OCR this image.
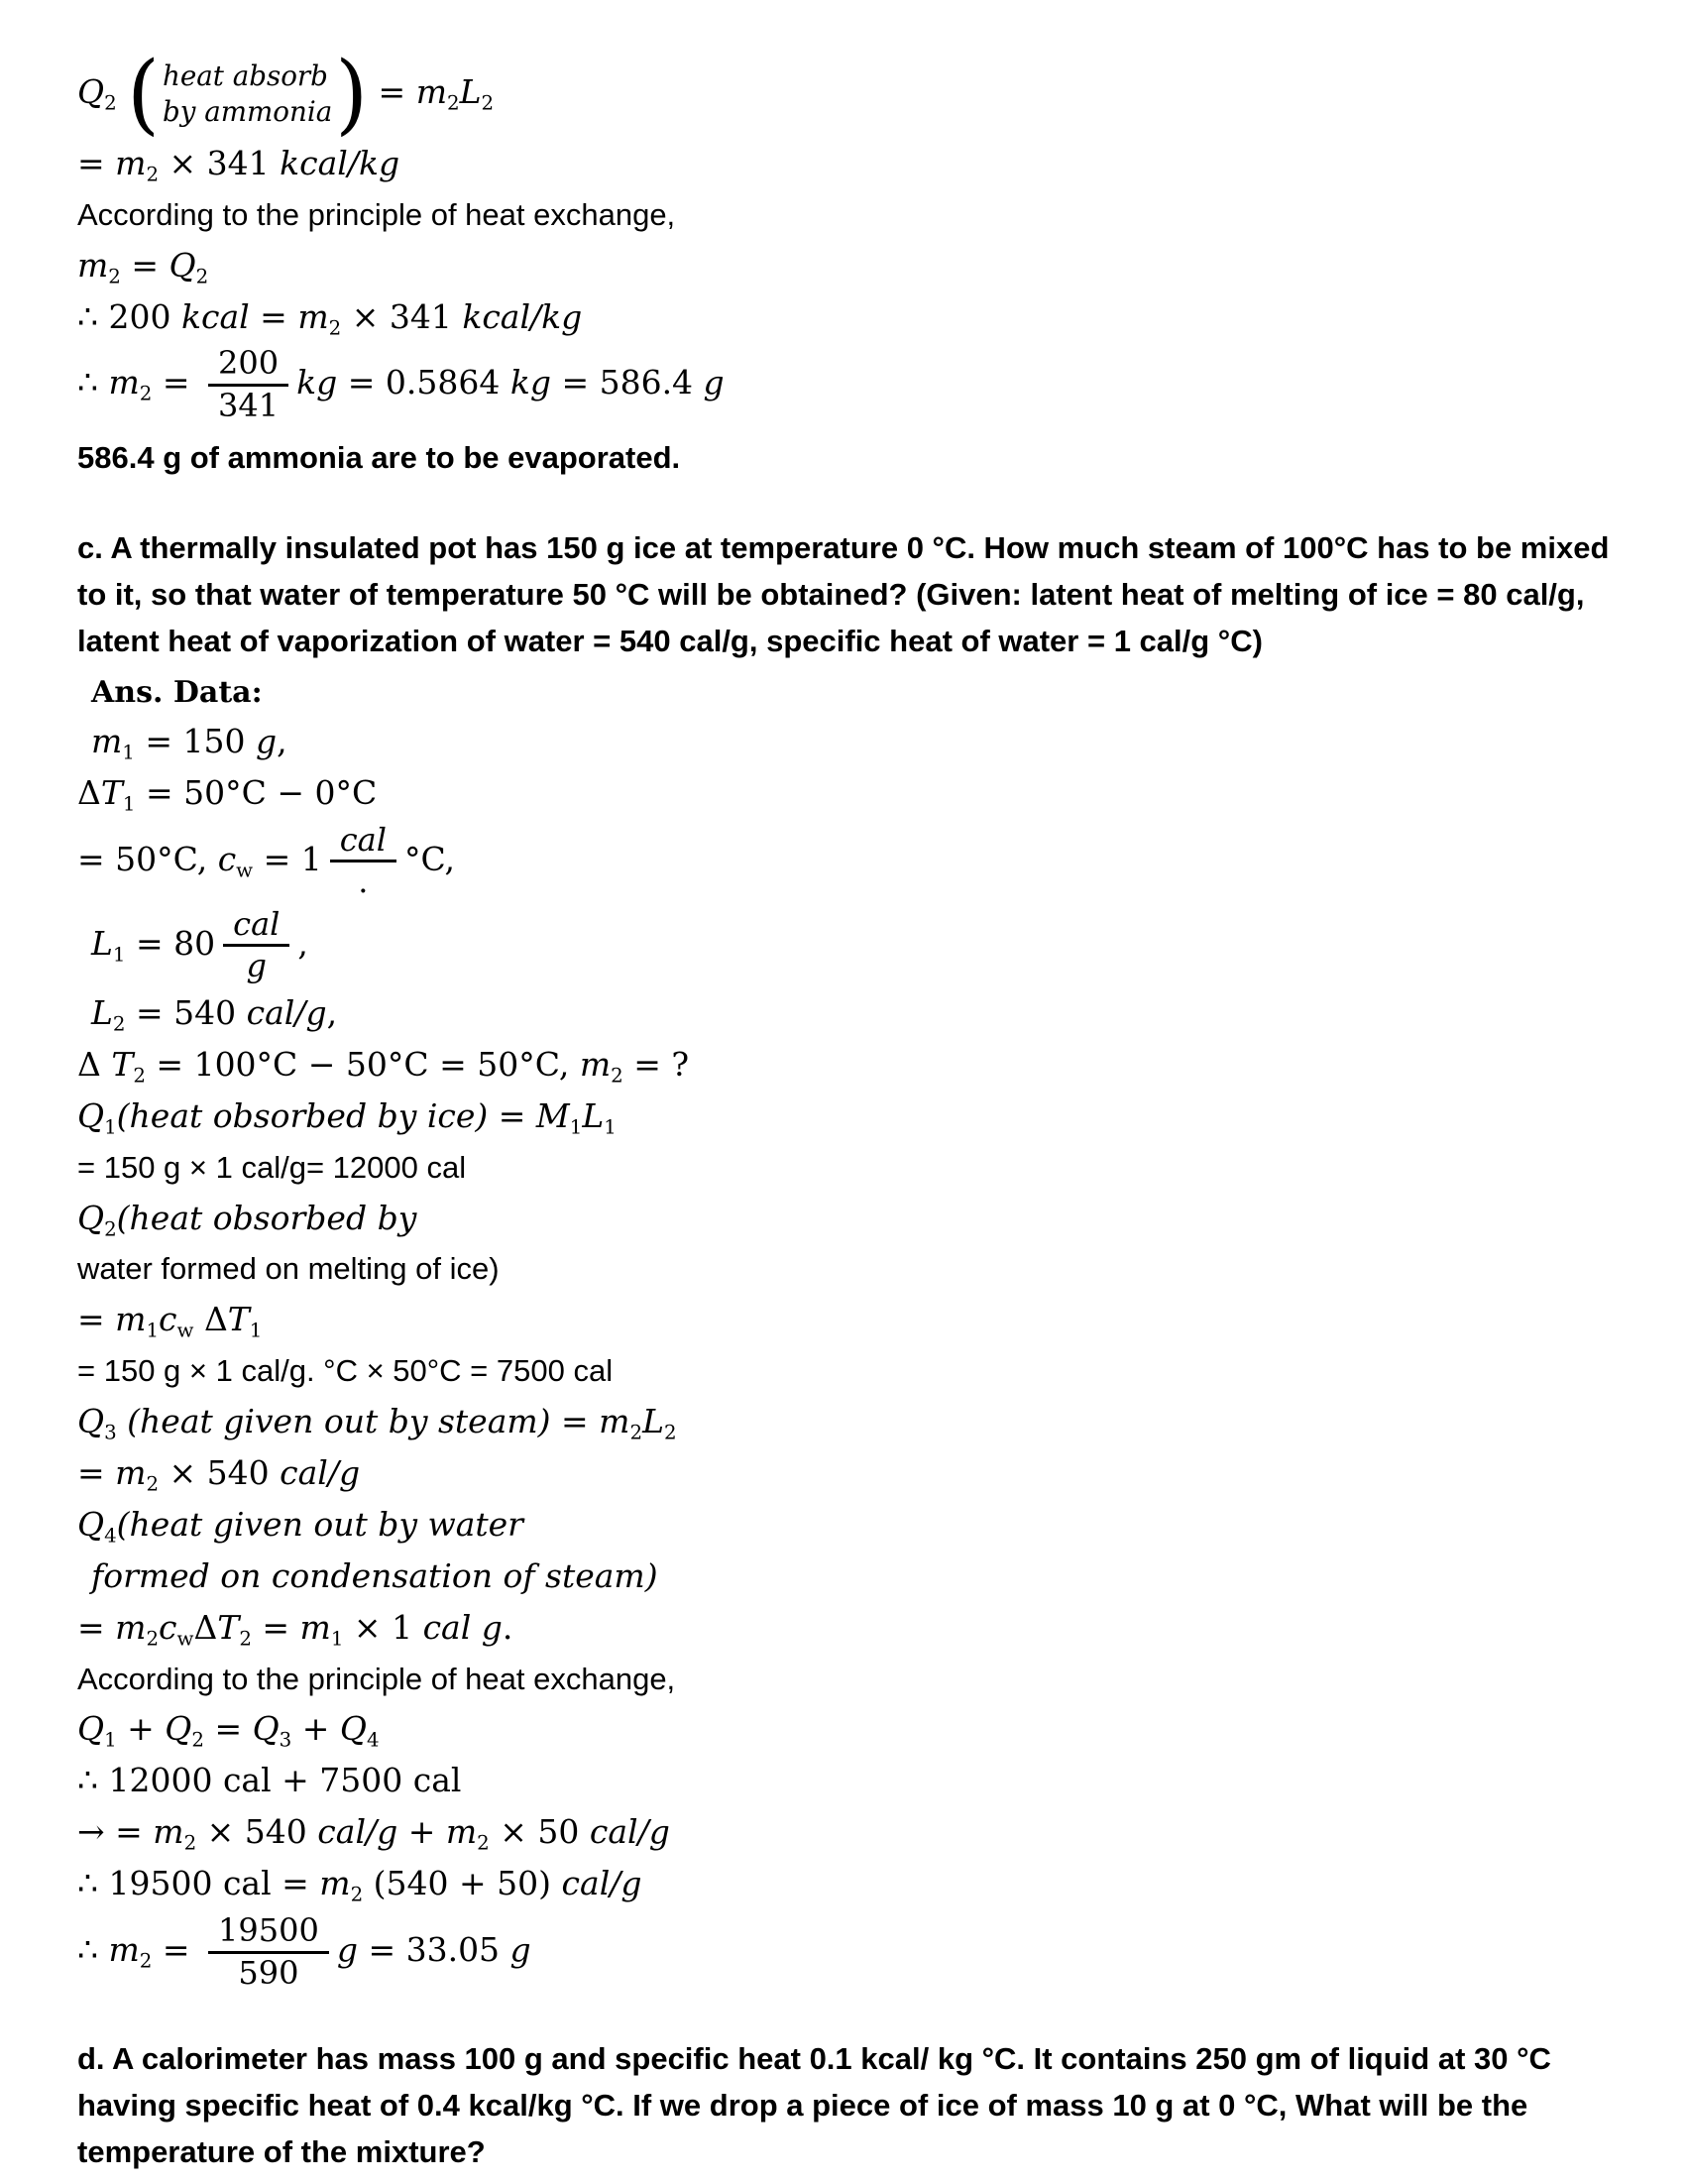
$Q_2$ ( heat absorb
by ammonia ) = $m_2L_2$
= $m_2 \times 341$ kcal/kg
According to the principle of heat exchange,
$m_2 = Q_2$
∴ 200 kcal = $m_2 \times 341$ kcal/kg
∴ $m_2 = \frac{200}{341}$ kg = 0.5864 kg = 586.4 g
586.4 g of ammonia are to be evaporated.
c. A thermally insulated pot has 150 g ice at temperature 0 °C. How much steam of 100°C has to be mixed to it, so that water of temperature 50 °C will be obtained? (Given: latent heat of melting of ice = 80 cal/g, latent heat of vaporization of water = 540 cal/g, specific heat of water = 1 cal/g °C)
Ans. Data:
$m_1 = 150$ g,
$\Delta T_1 = 50^\circ C - 0^\circ C$
= 50°C, $c_w = 1 \frac{\text{cal}}{.} ^\circ C$,
$L_1 = 80 \frac{\text{cal}}{g}$ ,
$L_2 = 540$ cal/g,
Δ $T_2 = 100^\circ C - 50^\circ C = 50^\circ C$, $m_2$ = ?
$Q_1(heat$ obsorbed by $ice) = M_1L_1$
= 150 g × 1 cal/g= 12000 cal
$Q_2(heat$ obsorbed by
water formed on melting of ice)
= $m_1c_w$ $\Delta T_1$
= 150 g × 1 cal/g. °C × 50°C = 7500 cal
$Q_3$ (heat given out by steam) = $m_2L_2$
= $m_2 \times 540$ cal/g
$Q_4(heat$ given out by water
formed on condensation of steam)
= $m_2c_w\Delta T_2 = m_1 \times 1$ cal g.
According to the principle of heat exchange,
$Q_1 + Q_2 = Q_3 + Q_4$
∴ 12000 cal + 7500 cal
→ = $m_2 \times 540$ $cal/g + m_2 \times 50$ cal/g
∴ 19500 cal = $m_2$ (540 + 50) cal/g
∴ $m_2 = \frac{19500}{590}$ g = 33.05 g
d. A calorimeter has mass 100 g and specific heat 0.1 kcal/ kg °C. It contains 250 gm of liquid at 30 °C having specific heat of 0.4 kcal/kg °C. If we drop a piece of ice of mass 10 g at 0 °C, What will be the temperature of the mixture?
